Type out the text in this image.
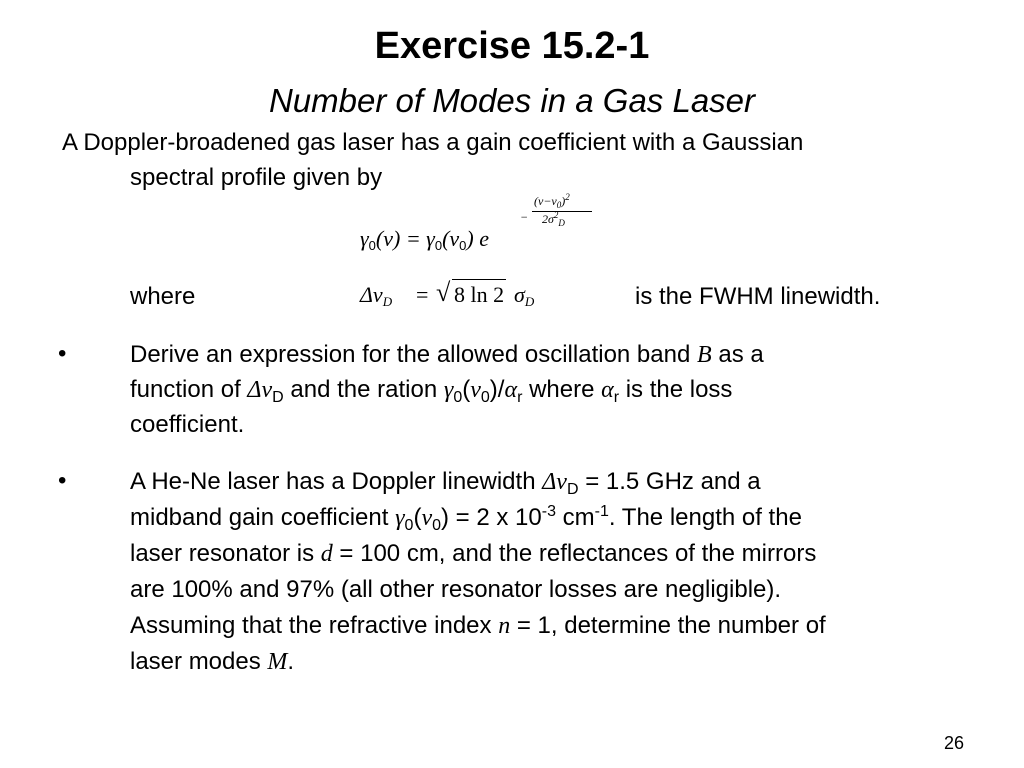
Exercise 15.2-1
Number of Modes in a Gas Laser
A Doppler-broadened gas laser has a gain coefficient with a Gaussian
spectral profile given by
$\gamma_0(\nu) = \gamma_0(\nu_0)$ e
−
$(\nu-\nu_0)^2$
$2\sigma^2_D$
where	$\Delta\nu_D$ = √ 8 ln 2 $\sigma_D$	is the FWHM linewidth.
•	Derive an expression for the allowed oscillation band B as a
function of $\Delta\nu_D$ and the ration $\gamma_0(\nu_0)/\alpha_r$ where $\alpha_r$ is the loss
coefficient.
•	A He-Ne laser has a Doppler linewidth $\Delta\nu_D = 1.5$ GHz and a
midband gain coefficient $\gamma_0(\nu_0) = 2$ x $10^{-3}$ $cm^{-1}$. The length of the
laser resonator is d = 100 cm, and the reflectances of the mirrors
are 100% and 97% (all other resonator losses are negligible).
Assuming that the refractive index n = 1, determine the number of
laser modes M.
26
